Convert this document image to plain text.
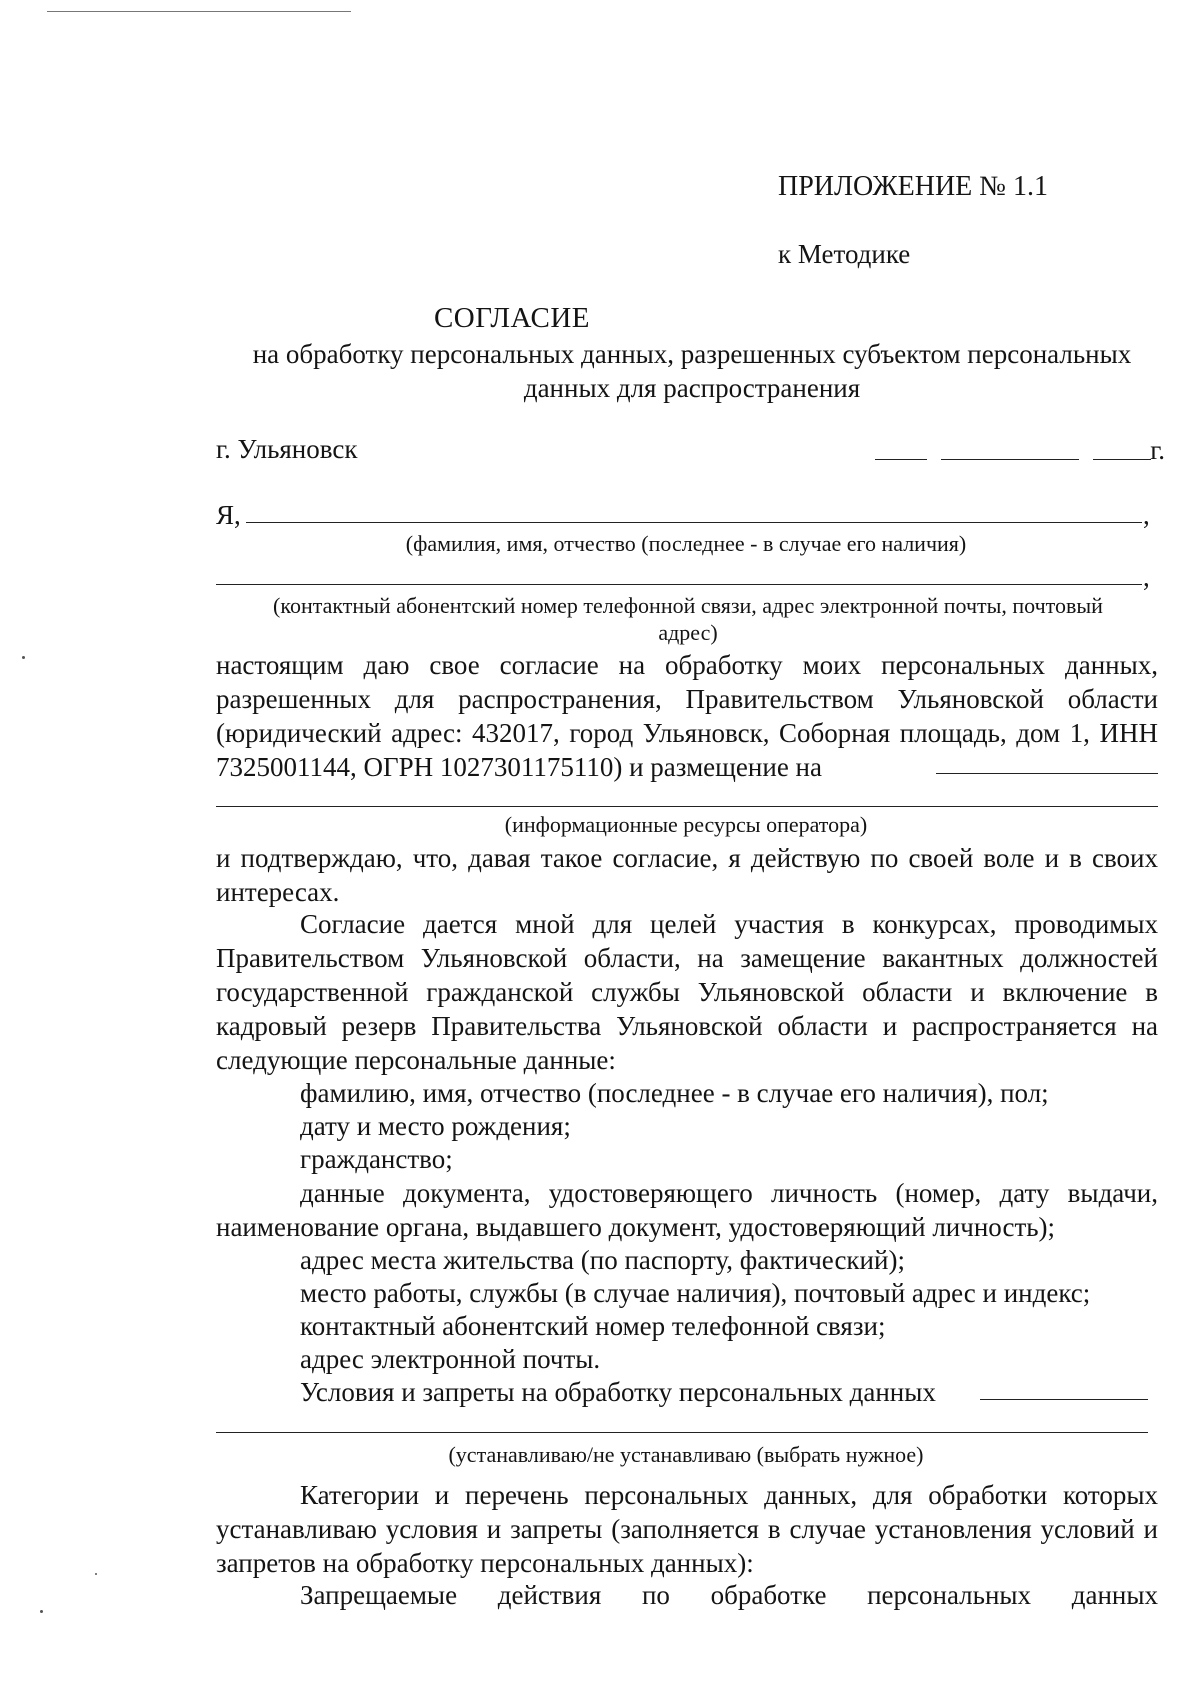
ПРИЛОЖЕНИЕ № 1.1
к Методике
СОГЛАСИЕ
на обработку персональных данных, разрешенных субъектом персональных данных для распространения
г. Ульяновск	г.
Я,	,
(фамилия, имя, отчество (последнее - в случае его наличия)
,
(контактный абонентский номер телефонной связи, адрес электронной почты, почтовый адрес)
настоящим даю свое согласие на обработку моих персональных данных, разрешенных для распространения, Правительством Ульяновской области (юридический адрес: 432017, город Ульяновск, Соборная площадь, дом 1, ИНН 7325001144, ОГРН 1027301175110) и размещение на
(информационные ресурсы оператора)
и подтверждаю, что, давая такое согласие, я действую по своей воле и в своих интересах.
Согласие дается мной для целей участия в конкурсах, проводимых Правительством Ульяновской области, на замещение вакантных должностей государственной гражданской службы Ульяновской области и включение в кадровый резерв Правительства Ульяновской области и распространяется на следующие персональные данные:
фамилию, имя, отчество (последнее - в случае его наличия), пол;
дату и место рождения;
гражданство;
данные документа, удостоверяющего личность (номер, дату выдачи, наименование органа, выдавшего документ, удостоверяющий личность);
адрес места жительства (по паспорту, фактический);
место работы, службы (в случае наличия), почтовый адрес и индекс;
контактный абонентский номер телефонной связи;
адрес электронной почты.
Условия и запреты на обработку персональных данных
(устанавливаю/не устанавливаю (выбрать нужное)
Категории и перечень персональных данных, для обработки которых устанавливаю условия и запреты (заполняется в случае установления условий и запретов на обработку персональных данных):
Запрещаемые действия по обработке персональных данных
